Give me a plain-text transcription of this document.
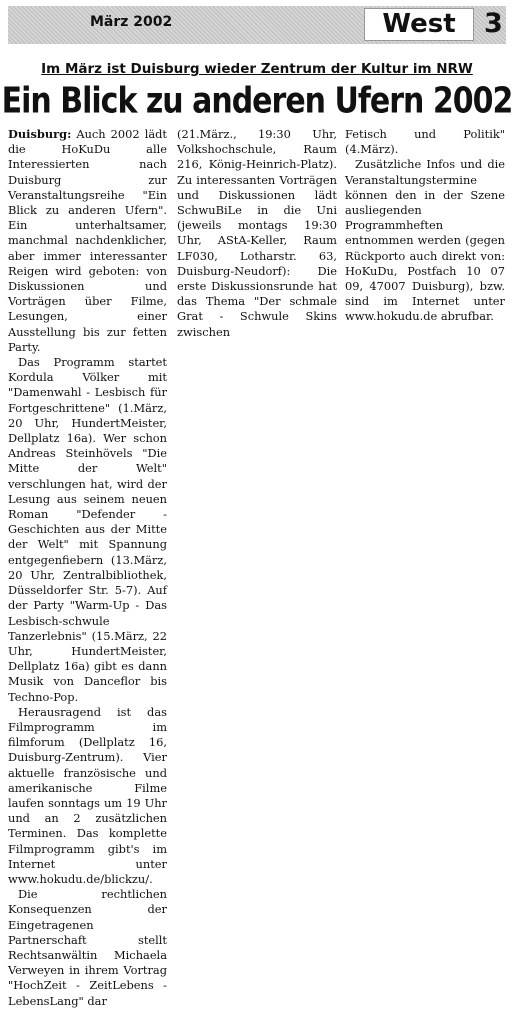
März 2002	West	3
Im März ist Duisburg wieder Zentrum der Kultur im NRW
Ein Blick zu anderen Ufern 2002

Duisburg: Auch 2002 lädt die HoKuDu alle Interessierten nach Duisburg zur Veranstaltungsreihe "Ein Blick zu anderen Ufern". Ein unterhaltsamer, manchmal nachdenklicher, aber immer interessanter Reigen wird geboten: von Diskussionen und Vorträgen über Filme, Lesungen, einer Ausstellung bis zur fetten Party.

Das Programm startet Kordula Völker mit "Damenwahl - Lesbisch für Fortgeschrittene" (1.März, 20 Uhr, HundertMeister, Dellplatz 16a). Wer schon Andreas Steinhövels "Die Mitte der Welt" verschlungen hat, wird der Lesung aus seinem neuen Roman "Defender - Geschichten aus der Mitte der Welt" mit Spannung entgegenfiebern (13.März, 20 Uhr, Zentralbibliothek, Düsseldorfer Str. 5-7). Auf der Party "Warm-Up - Das Lesbisch-schwule Tanzerlebnis" (15.März, 22 Uhr, HundertMeister, Dellplatz 16a) gibt es dann Musik von Danceflor bis Techno-Pop.

Herausragend ist das Filmprogramm im filmforum (Dellplatz 16, Duisburg-Zentrum). Vier aktuelle französische und amerikanische Filme laufen sonntags um 19 Uhr und an 2 zusätzlichen Terminen. Das komplette Filmprogramm gibt's im Internet unter www.hokudu.de/blickzu/.

Die rechtlichen Konsequenzen der Eingetragenen Partnerschaft stellt Rechtsanwältin Michaela Verweyen in ihrem Vortrag "HochZeit - ZeitLebens - LebensLang" dar

(21.März., 19:30 Uhr, Volkshochschule, Raum 216, König-Heinrich-Platz). Zu interessanten Vorträgen und Diskussionen lädt SchwuBiLe in die Uni (jeweils montags 19:30 Uhr, AStA-Keller, Raum LF030, Lotharstr. 63, Duisburg-Neudorf): Die erste Diskussionsrunde hat das Thema "Der schmale Grat - Schwule Skins zwischen

Fetisch und Politik" (4.März).

Zusätzliche Infos und die Veranstaltungstermine können den in der Szene ausliegenden Programmheften entnommen werden (gegen Rückporto auch direkt von: HoKuDu, Postfach 10 07 09, 47007 Duisburg), bzw. sind im Internet unter www.hokudu.de abrufbar.
